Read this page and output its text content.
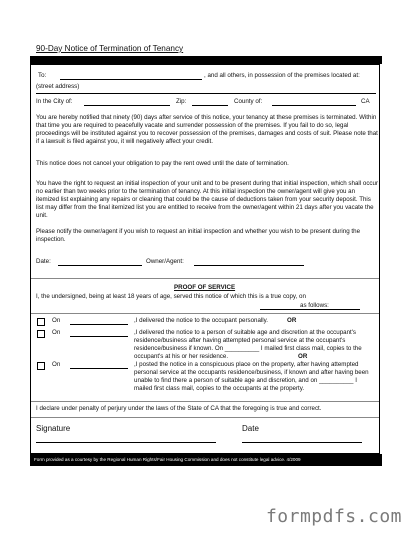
90-Day Notice of Termination of Tenancy
To:	, and all others, in possession of the premises located at:
(street address)
In the City of:	Zip:	County of:	CA
You are hereby notified that ninety (90) days after service of this notice, your tenancy at these premises is terminated. Within that time you are required to peacefully vacate and surrender possession of the premises. If you fail to do so, legal proceedings will be instituted against you to recover possession of the premises, damages and costs of suit. Please note that if a lawsuit is filed against you, it will negatively affect your credit.
This notice does not cancel your obligation to pay the rent owed until the date of termination.
You have the right to request an initial inspection of your unit and to be present during that initial inspection, which shall occur no earlier than two weeks prior to the termination of tenancy. At this initial inspection the owner/agent will give you an itemized list explaining any repairs or cleaning that could be the cause of deductions taken from your security deposit. This list may differ from the final itemized list you are entitled to receive from the owner/agent within 21 days after you vacate the unit.
Please notify the owner/agent if you wish to request an initial inspection and whether you wish to be present during the inspection.
Date:	Owner/Agent:
PROOF OF SERVICE
I, the undersigned, being at least 18 years of age, served this notice of which this is a true copy, on
as follows:
On	,I delivered the notice to the occupant personally.	OR
On	,I delivered the notice to a person of suitable age and discretion at the occupant's residence/business after having attempted personal service at the occupant's residence/business if known. On __________ I mailed first class mail, copies to the occupant's at his or her residence.	OR
On	,I posted the notice in a conspicuous place on the property, after having attempted personal service at the occupants residence/business, if known and after having been unable to find there a person of suitable age and discretion, and on __________ I mailed first class mail, copies to the occupants at the property.
I declare under penalty of perjury under the laws of the State of CA that the foregoing is true and correct.
Signature	Date
Form provided as a courtesy by the Regional Human Rights/Fair Housing Commission and does not constitute legal advice. 4/2009
formpdfs.com
